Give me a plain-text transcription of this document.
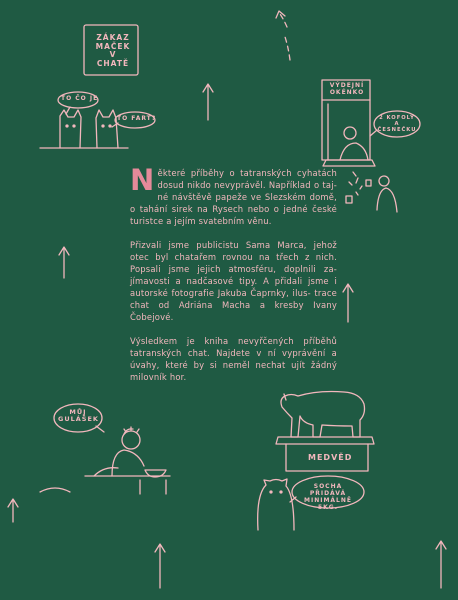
ZÁKAZ
MAČEK
V CHATĚ
TO ČO JE
TO FART?
VÝDEJNÍ
OKÉNKO
2 KOFOLY
A ČESNEČKU
MŮJ
GULÁŠEK
MEDVĚD
SOCHA PŘIDÁVÁ
MINIMÁLNĚ 5KG.

Některé příběhy o tatranských cyhatách dosud nikdo nevyprávěl. Například o taj- né návštěvě papeže ve Slezském domě, o tahání sirek na Rysech nebo o jedné české turistce a jejím svatebním věnu.

Přizvali jsme publicistu Sama Marca, jehož otec byl chatařem rovnou na třech z nich. Popsali jsme jejich atmosféru, doplnili za- jímavosti a nadčasové tipy. A přidali jsme i autorské fotografie Jakuba Čaprnky, ilus- trace chat od Adriána Macha a kresby Ivany Čobejové.

Výsledkem je kniha nevyřčených příběhů tatranských chat. Najdete v ní vyprávění a úvahy, které by si neměl nechat ujít žádný milovník hor.
